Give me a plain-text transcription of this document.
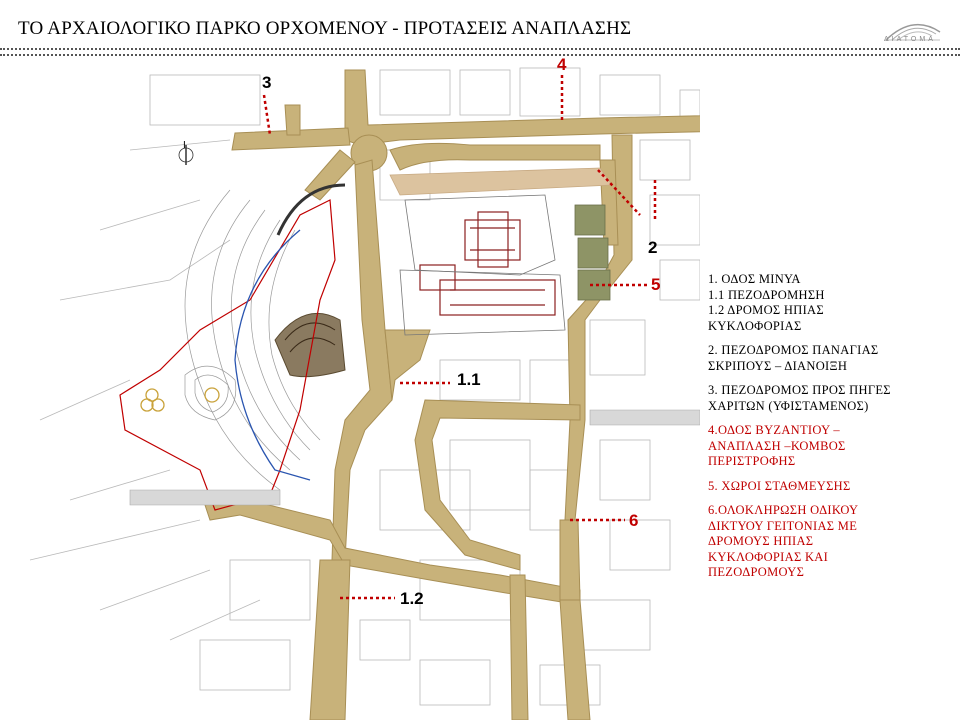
ΤΟ ΑΡΧΑΙΟΛΟΓΙΚΟ ΠΑΡΚΟ ΟΡΧΟΜΕΝΟΥ - ΠΡΟΤΑΣΕΙΣ ΑΝΑΠΛΑΣΗΣ
ΔΙΑΤΟΜΑ
3
4
2
5
1.1
6
1.2
I
1. ΟΔΟΣ ΜΙΝΥΑ
1.1 ΠΕΖΟΔΡΟΜΗΣΗ
1.2 ΔΡΟΜΟΣ ΗΠΙΑΣ
ΚΥΚΛΟΦΟΡΙΑΣ
2. ΠΕΖΟΔΡΟΜΟΣ ΠΑΝΑΓΙΑΣ
ΣΚΡΙΠΟΥΣ – ΔΙΑΝΟΙΞΗ
3. ΠΕΖΟΔΡΟΜΟΣ ΠΡΟΣ ΠΗΓΕΣ
ΧΑΡΙΤΩΝ (ΥΦΙΣΤΑΜΕΝΟΣ)
4.ΟΔΟΣ ΒΥΖΑΝΤΙΟΥ –
ΑΝΑΠΛΑΣΗ –ΚΟΜΒΟΣ
ΠΕΡΙΣΤΡΟΦΗΣ
5. ΧΩΡΟΙ ΣΤΑΘΜΕΥΣΗΣ
6.ΟΛΟΚΛΗΡΩΣΗ ΟΔΙΚΟΥ
ΔΙΚΤΥΟΥ ΓΕΙΤΟΝΙΑΣ ΜΕ
ΔΡΟΜΟΥΣ ΗΠΙΑΣ
ΚΥΚΛΟΦΟΡΙΑΣ ΚΑΙ
ΠΕΖΟΔΡΟΜΟΥΣ
